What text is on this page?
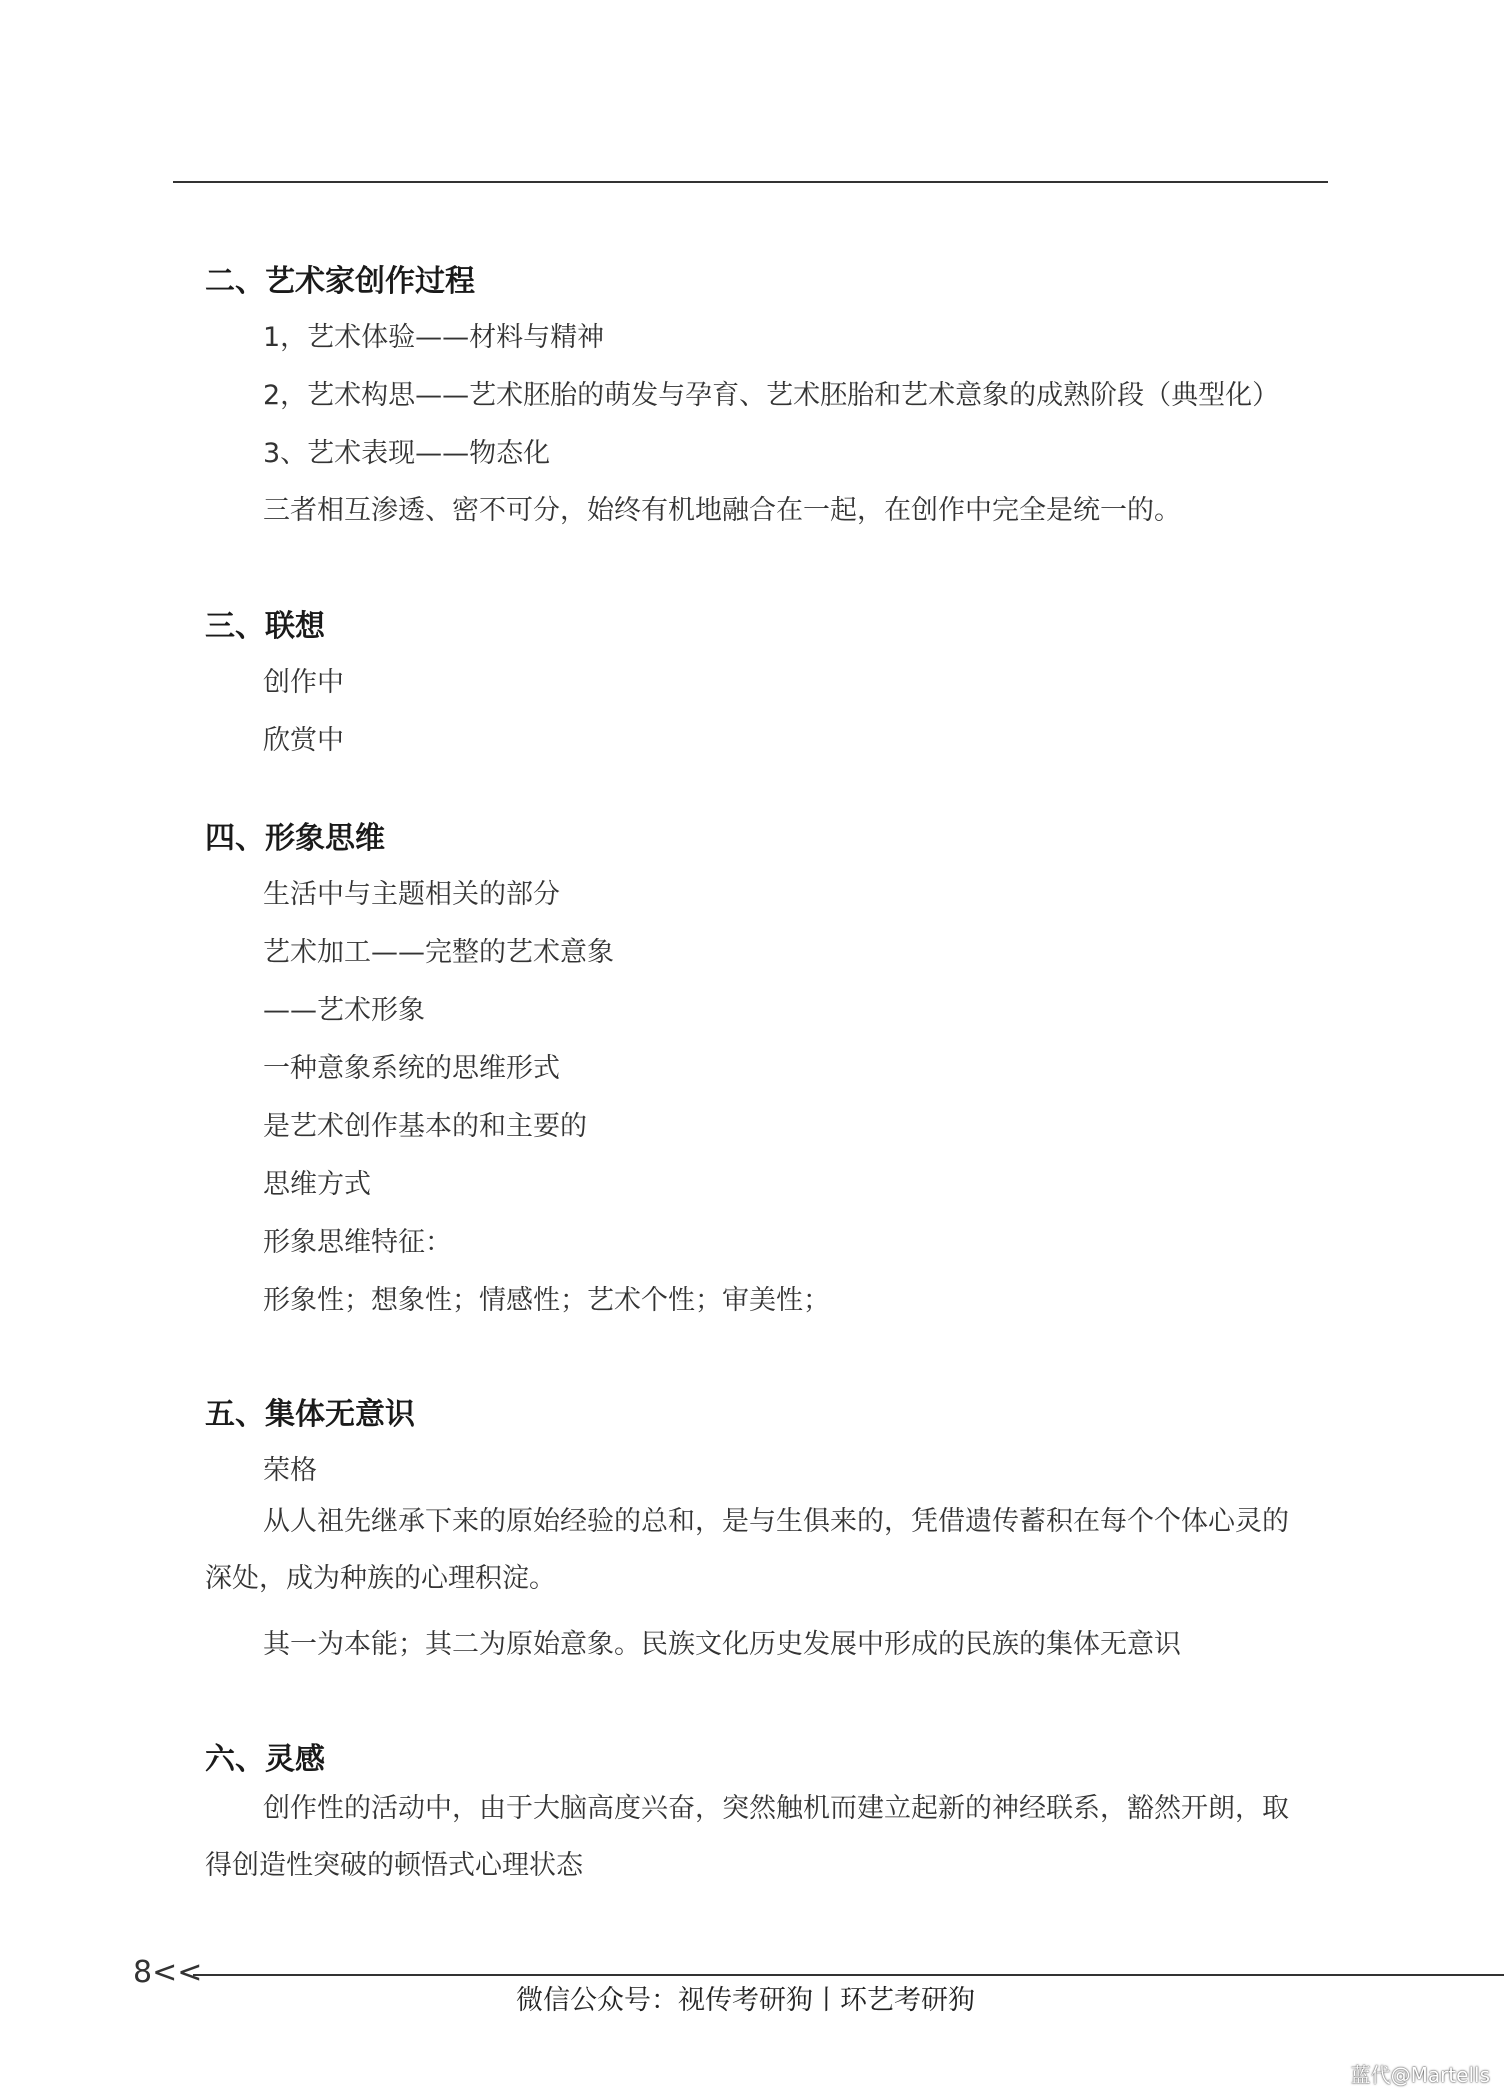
二、艺术家创作过程
1，艺术体验——材料与精神
2，艺术构思——艺术胚胎的萌发与孕育、艺术胚胎和艺术意象的成熟阶段（典型化）
3、艺术表现——物态化
三者相互渗透、密不可分，始终有机地融合在一起，在创作中完全是统一的。
三、联想
创作中
欣赏中
四、形象思维
生活中与主题相关的部分
艺术加工——完整的艺术意象
——艺术形象
一种意象系统的思维形式
是艺术创作基本的和主要的
思维方式
形象思维特征：
形象性；想象性；情感性；艺术个性；审美性；
五、集体无意识
荣格
从人祖先继承下来的原始经验的总和，是与生俱来的，凭借遗传蓄积在每个个体心灵的深处，成为种族的心理积淀。
其一为本能；其二为原始意象。民族文化历史发展中形成的民族的集体无意识
六、灵感
创作性的活动中，由于大脑高度兴奋，突然触机而建立起新的神经联系，豁然开朗，取得创造性突破的顿悟式心理状态
8<<
微信公众号：视传考研狗丨环艺考研狗
蓝代@Martells
